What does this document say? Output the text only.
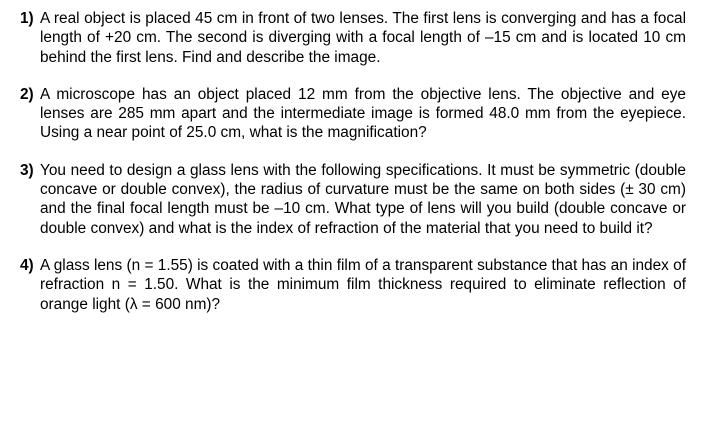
1) A real object is placed 45 cm in front of two lenses. The first lens is converging and has a focal length of +20 cm. The second is diverging with a focal length of –15 cm and is located 10 cm behind the first lens. Find and describe the image.
2) A microscope has an object placed 12 mm from the objective lens. The objective and eye lenses are 285 mm apart and the intermediate image is formed 48.0 mm from the eyepiece. Using a near point of 25.0 cm, what is the magnification?
3) You need to design a glass lens with the following specifications. It must be symmetric (double concave or double convex), the radius of curvature must be the same on both sides (± 30 cm) and the final focal length must be –10 cm. What type of lens will you build (double concave or double convex) and what is the index of refraction of the material that you need to build it?
4) A glass lens (n = 1.55) is coated with a thin film of a transparent substance that has an index of refraction n = 1.50. What is the minimum film thickness required to eliminate reflection of orange light (λ = 600 nm)?
